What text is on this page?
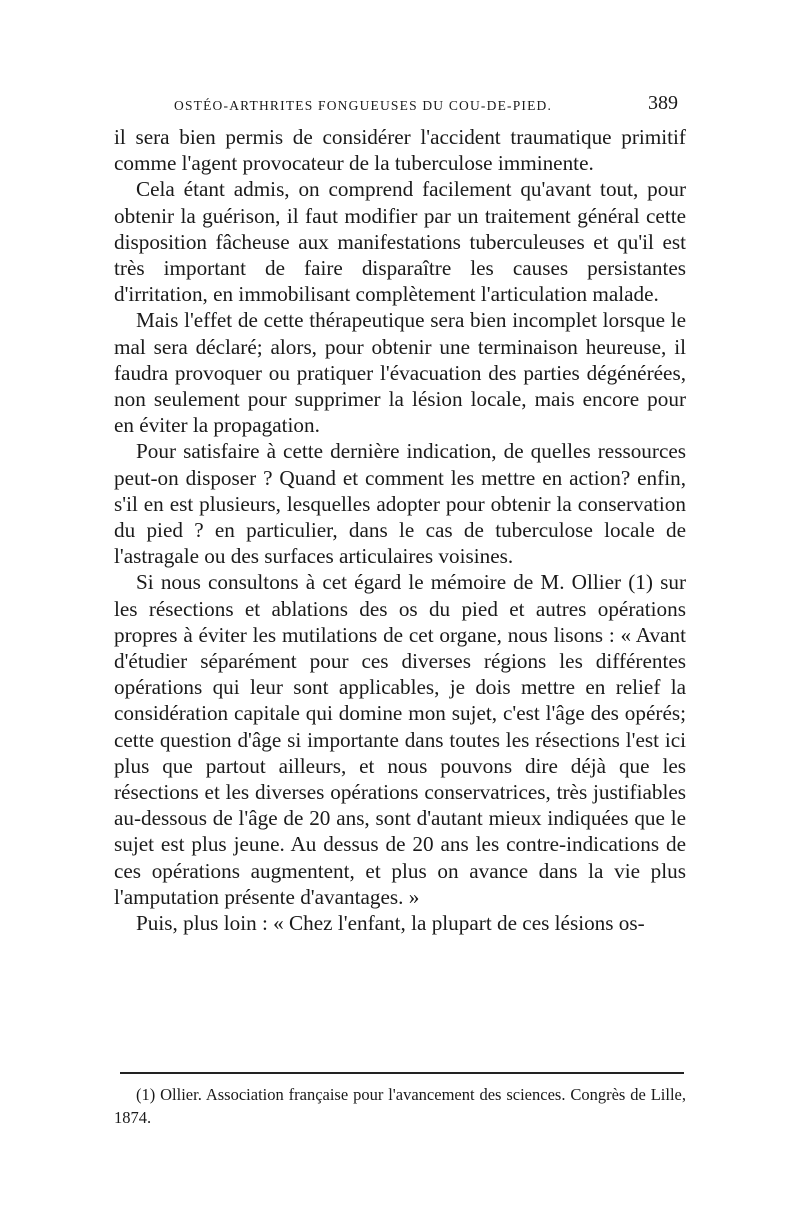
OSTÉO-ARTHRITES FONGUEUSES DU COU-DE-PIED.	389

il sera bien permis de considérer l'accident traumatique primitif comme l'agent provocateur de la tuberculose imminente.

Cela étant admis, on comprend facilement qu'avant tout, pour obtenir la guérison, il faut modifier par un traitement général cette disposition fâcheuse aux manifestations tuberculeuses et qu'il est très important de faire disparaître les causes persistantes d'irritation, en immobilisant complètement l'articulation malade.

Mais l'effet de cette thérapeutique sera bien incomplet lorsque le mal sera déclaré; alors, pour obtenir une terminaison heureuse, il faudra provoquer ou pratiquer l'évacuation des parties dégénérées, non seulement pour supprimer la lésion locale, mais encore pour en éviter la propagation.

Pour satisfaire à cette dernière indication, de quelles ressources peut-on disposer ? Quand et comment les mettre en action? enfin, s'il en est plusieurs, lesquelles adopter pour obtenir la conservation du pied ? en particulier, dans le cas de tuberculose locale de l'astragale ou des surfaces articulaires voisines.

Si nous consultons à cet égard le mémoire de M. Ollier (1) sur les résections et ablations des os du pied et autres opérations propres à éviter les mutilations de cet organe, nous lisons : « Avant d'étudier séparément pour ces diverses régions les différentes opérations qui leur sont applicables, je dois mettre en relief la considération capitale qui domine mon sujet, c'est l'âge des opérés; cette question d'âge si importante dans toutes les résections l'est ici plus que partout ailleurs, et nous pouvons dire déjà que les résections et les diverses opérations conservatrices, très justifiables au-dessous de l'âge de 20 ans, sont d'autant mieux indiquées que le sujet est plus jeune. Au dessus de 20 ans les contre-indications de ces opérations augmentent, et plus on avance dans la vie plus l'amputation présente d'avantages. »

Puis, plus loin : « Chez l'enfant, la plupart de ces lésions os-

(1) Ollier. Association française pour l'avancement des sciences. Congrès de Lille, 1874.
